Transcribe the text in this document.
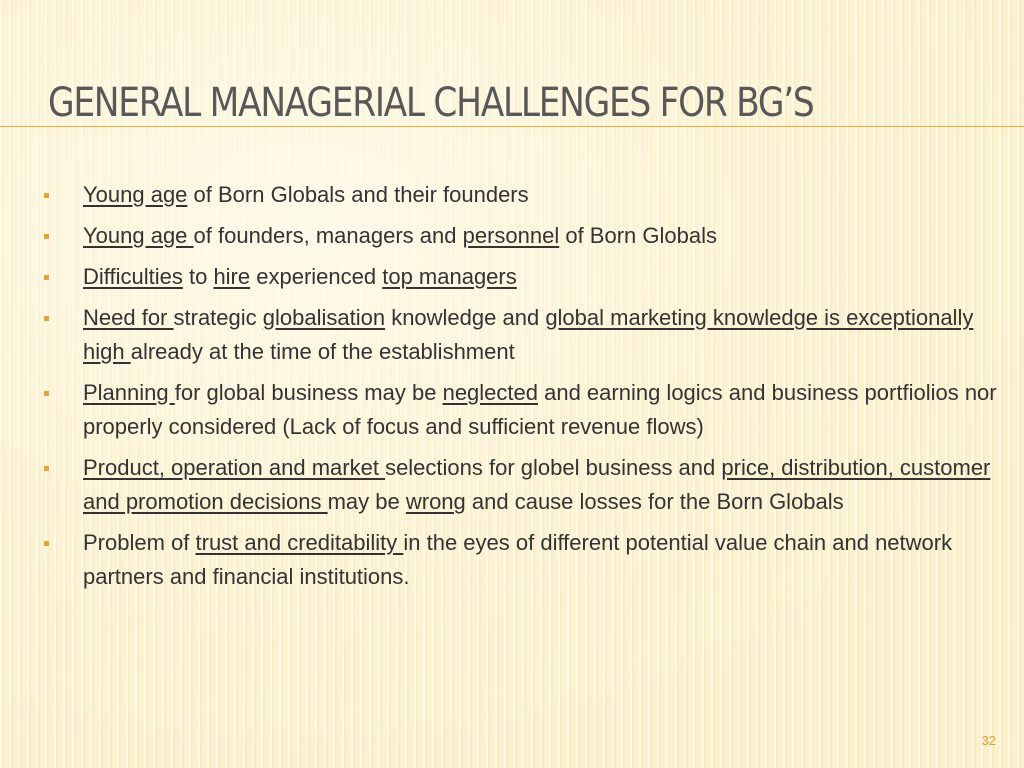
GENERAL MANAGERIAL CHALLENGES FOR BG’S
Young age of Born Globals and their founders
Young age of founders, managers and personnel of Born Globals
Difficulties to hire experienced top managers
Need for strategic globalisation knowledge and global marketing knowledge is exceptionally high already at the time of the establishment
Planning for global business may be neglected and earning logics and business portfiolios nor properly considered (Lack of focus and sufficient revenue flows)
Product, operation and market selections for globel business and price, distribution, customer and promotion decisions may be wrong and cause losses for the Born Globals
Problem of trust and creditability in the eyes of different potential value chain and network partners and financial institutions.
32
